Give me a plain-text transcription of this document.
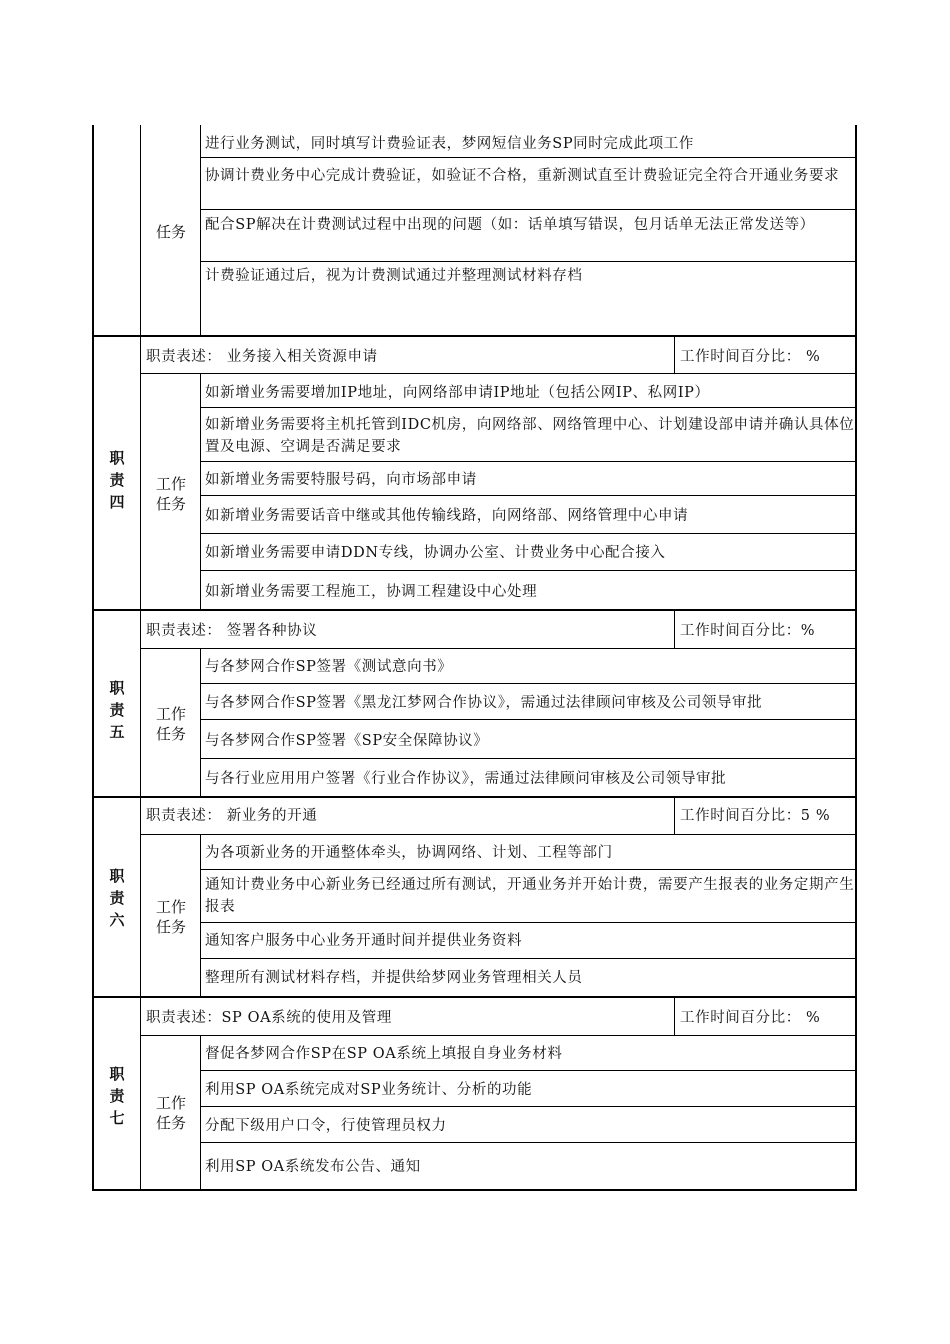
任务
进行业务测试，同时填写计费验证表，梦网短信业务SP同时完成此项工作
协调计费业务中心完成计费验证，如验证不合格，重新测试直至计费验证完全符合开通业务要求
配合SP解决在计费测试过程中出现的问题（如：话单填写错误，包月话单无法正常发送等）
计费验证通过后，视为计费测试通过并整理测试材料存档
职责四
职责表述： 业务接入相关资源申请	工作时间百分比： %
工作任务
如新增业务需要增加IP地址，向网络部申请IP地址（包括公网IP、私网IP）
如新增业务需要将主机托管到IDC机房，向网络部、网络管理中心、计划建设部申请并确认具体位置及电源、空调是否满足要求
如新增业务需要特服号码，向市场部申请
如新增业务需要话音中继或其他传输线路，向网络部、网络管理中心申请
如新增业务需要申请DDN专线，协调办公室、计费业务中心配合接入
如新增业务需要工程施工，协调工程建设中心处理
职责五
职责表述： 签署各种协议	工作时间百分比：%
工作任务
与各梦网合作SP签署《测试意向书》
与各梦网合作SP签署《黑龙江梦网合作协议》，需通过法律顾问审核及公司领导审批
与各梦网合作SP签署《SP安全保障协议》
与各行业应用用户签署《行业合作协议》，需通过法律顾问审核及公司领导审批
职责六
职责表述： 新业务的开通	工作时间百分比：5 %
工作任务
为各项新业务的开通整体牵头，协调网络、计划、工程等部门
通知计费业务中心新业务已经通过所有测试，开通业务并开始计费，需要产生报表的业务定期产生报表
通知客户服务中心业务开通时间并提供业务资料
整理所有测试材料存档，并提供给梦网业务管理相关人员
职责七
职责表述：SP OA系统的使用及管理	工作时间百分比： %
工作任务
督促各梦网合作SP在SP OA系统上填报自身业务材料
利用SP OA系统完成对SP业务统计、分析的功能
分配下级用户口令，行使管理员权力
利用SP OA系统发布公告、通知
